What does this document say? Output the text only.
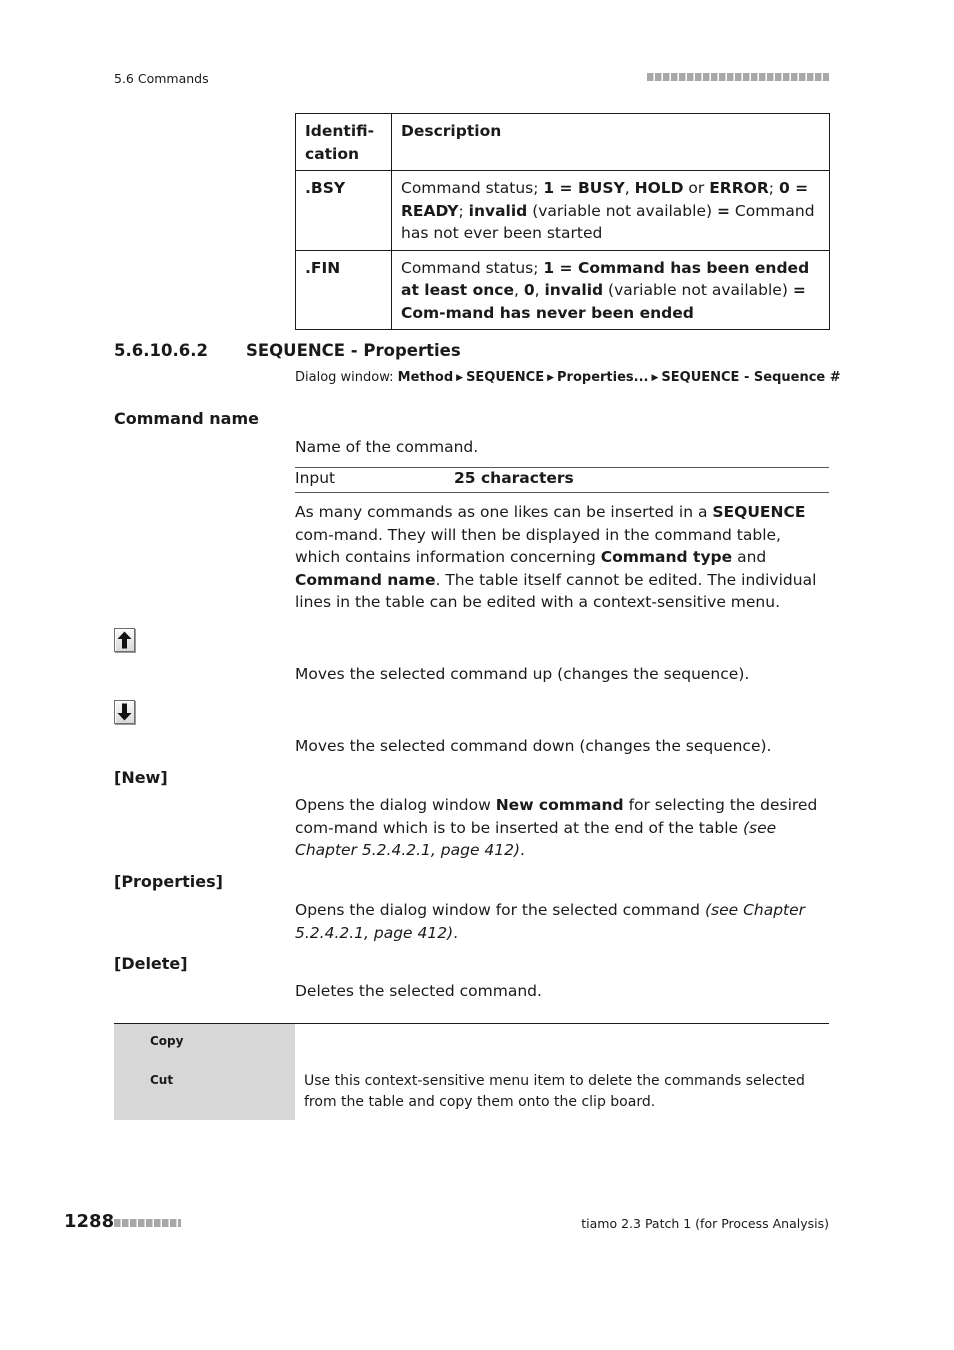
5.6 Commands
Identifi-
cation	Description
.BSY	Command status; 1 = BUSY, HOLD or ERROR; 0 = READY; invalid (variable not available) = Command has not ever been started
.FIN	Command status; 1 = Command has been ended at least once, 0, invalid (variable not available) = Com-mand has never been ended
5.6.10.6.2 SEQUENCE - Properties
Dialog window: Method ▶ SEQUENCE ▶ Properties... ▶ SEQUENCE - Sequence #
Command name
Name of the command.
Input	25 characters
As many commands as one likes can be inserted in a SEQUENCE com-mand. They will then be displayed in the command table, which contains information concerning Command type and Command name. The table itself cannot be edited. The individual lines in the table can be edited with a context-sensitive menu.
Moves the selected command up (changes the sequence).
Moves the selected command down (changes the sequence).
[New]
Opens the dialog window New command for selecting the desired com-mand which is to be inserted at the end of the table (see Chapter 5.2.4.2.1, page 412).
[Properties]
Opens the dialog window for the selected command (see Chapter 5.2.4.2.1, page 412).
[Delete]
Deletes the selected command.
Copy
Cut	Use this context-sensitive menu item to delete the commands selected from the table and copy them onto the clip board.
1288	tiamo 2.3 Patch 1 (for Process Analysis)
